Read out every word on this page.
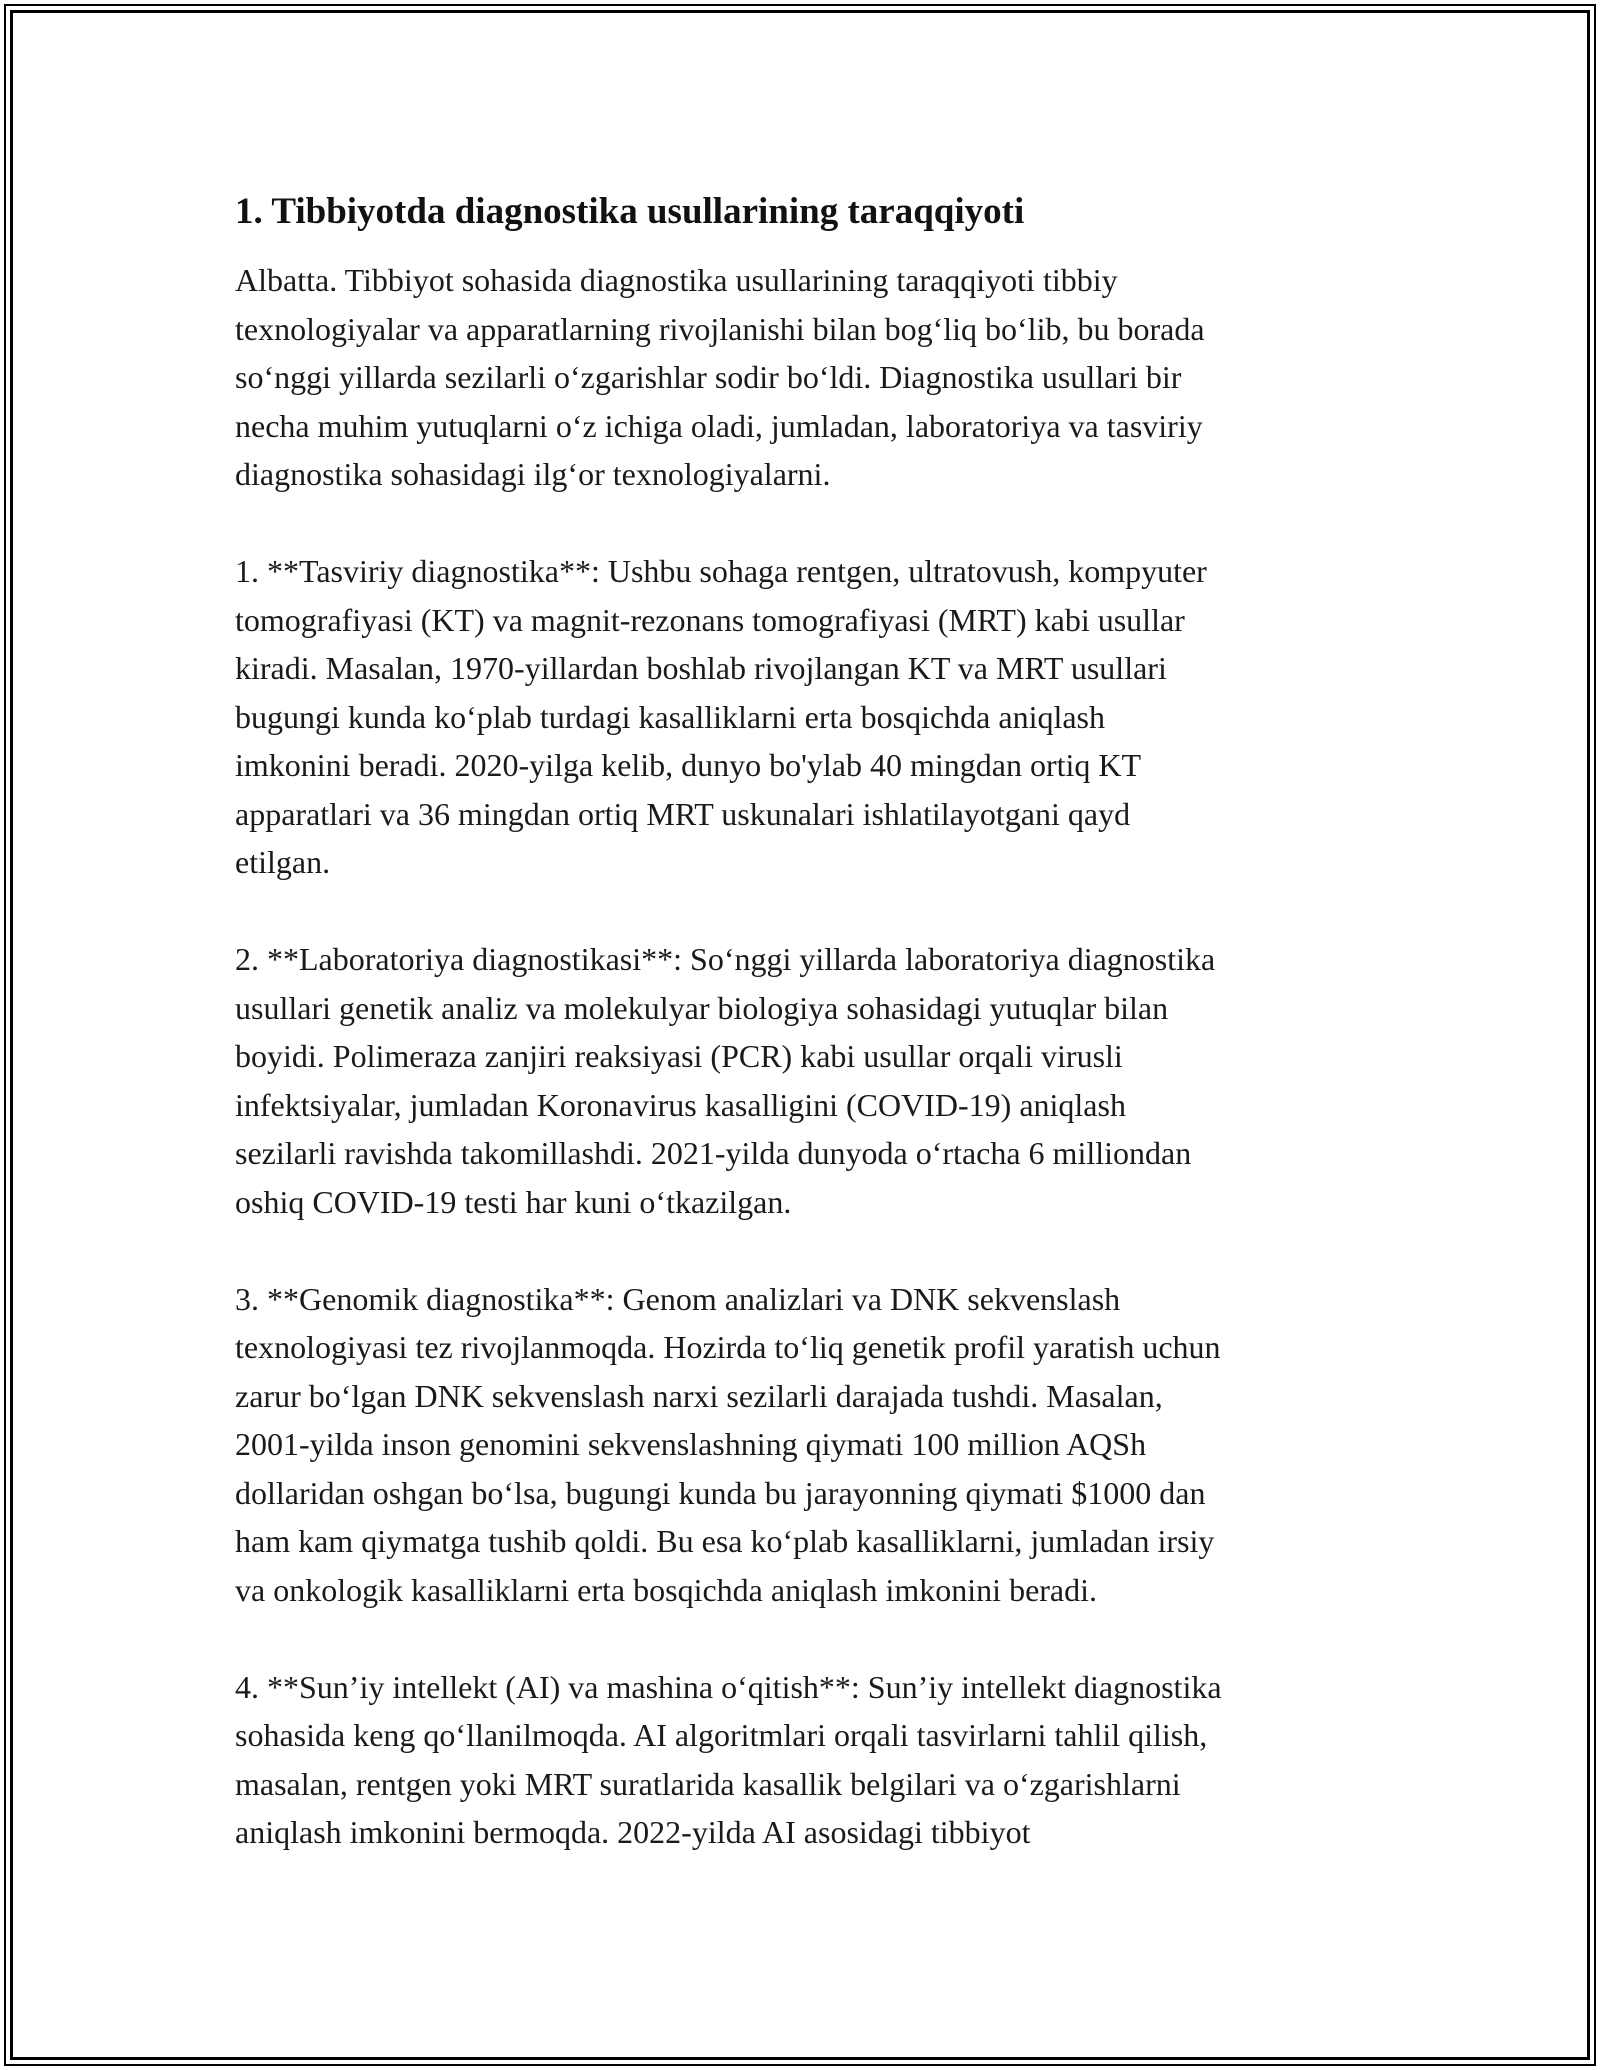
1. Tibbiyotda diagnostika usullarining taraqqiyoti

Albatta. Tibbiyot sohasida diagnostika usullarining taraqqiyoti tibbiy
texnologiyalar va apparatlarning rivojlanishi bilan bog‘liq bo‘lib, bu borada
so‘nggi yillarda sezilarli o‘zgarishlar sodir bo‘ldi. Diagnostika usullari bir
necha muhim yutuqlarni o‘z ichiga oladi, jumladan, laboratoriya va tasviriy
diagnostika sohasidagi ilg‘or texnologiyalarni.

1. **Tasviriy diagnostika**: Ushbu sohaga rentgen, ultratovush, kompyuter
tomografiyasi (KT) va magnit-rezonans tomografiyasi (MRT) kabi usullar
kiradi. Masalan, 1970-yillardan boshlab rivojlangan KT va MRT usullari
bugungi kunda ko‘plab turdagi kasalliklarni erta bosqichda aniqlash
imkonini beradi. 2020-yilga kelib, dunyo bo'ylab 40 mingdan ortiq KT
apparatlari va 36 mingdan ortiq MRT uskunalari ishlatilayotgani qayd
etilgan.

2. **Laboratoriya diagnostikasi**: So‘nggi yillarda laboratoriya diagnostika
usullari genetik analiz va molekulyar biologiya sohasidagi yutuqlar bilan
boyidi. Polimeraza zanjiri reaksiyasi (PCR) kabi usullar orqali virusli
infektsiyalar, jumladan Koronavirus kasalligini (COVID-19) aniqlash
sezilarli ravishda takomillashdi. 2021-yilda dunyoda o‘rtacha 6 milliondan
oshiq COVID-19 testi har kuni o‘tkazilgan.

3. **Genomik diagnostika**: Genom analizlari va DNK sekvenslash
texnologiyasi tez rivojlanmoqda. Hozirda to‘liq genetik profil yaratish uchun
zarur bo‘lgan DNK sekvenslash narxi sezilarli darajada tushdi. Masalan,
2001-yilda inson genomini sekvenslashning qiymati 100 million AQSh
dollaridan oshgan bo‘lsa, bugungi kunda bu jarayonning qiymati $1000 dan
ham kam qiymatga tushib qoldi. Bu esa ko‘plab kasalliklarni, jumladan irsiy
va onkologik kasalliklarni erta bosqichda aniqlash imkonini beradi.

4. **Sun’iy intellekt (AI) va mashina o‘qitish**: Sun’iy intellekt diagnostika
sohasida keng qo‘llanilmoqda. AI algoritmlari orqali tasvirlarni tahlil qilish,
masalan, rentgen yoki MRT suratlarida kasallik belgilari va o‘zgarishlarni
aniqlash imkonini bermoqda. 2022-yilda AI asosidagi tibbiyot
